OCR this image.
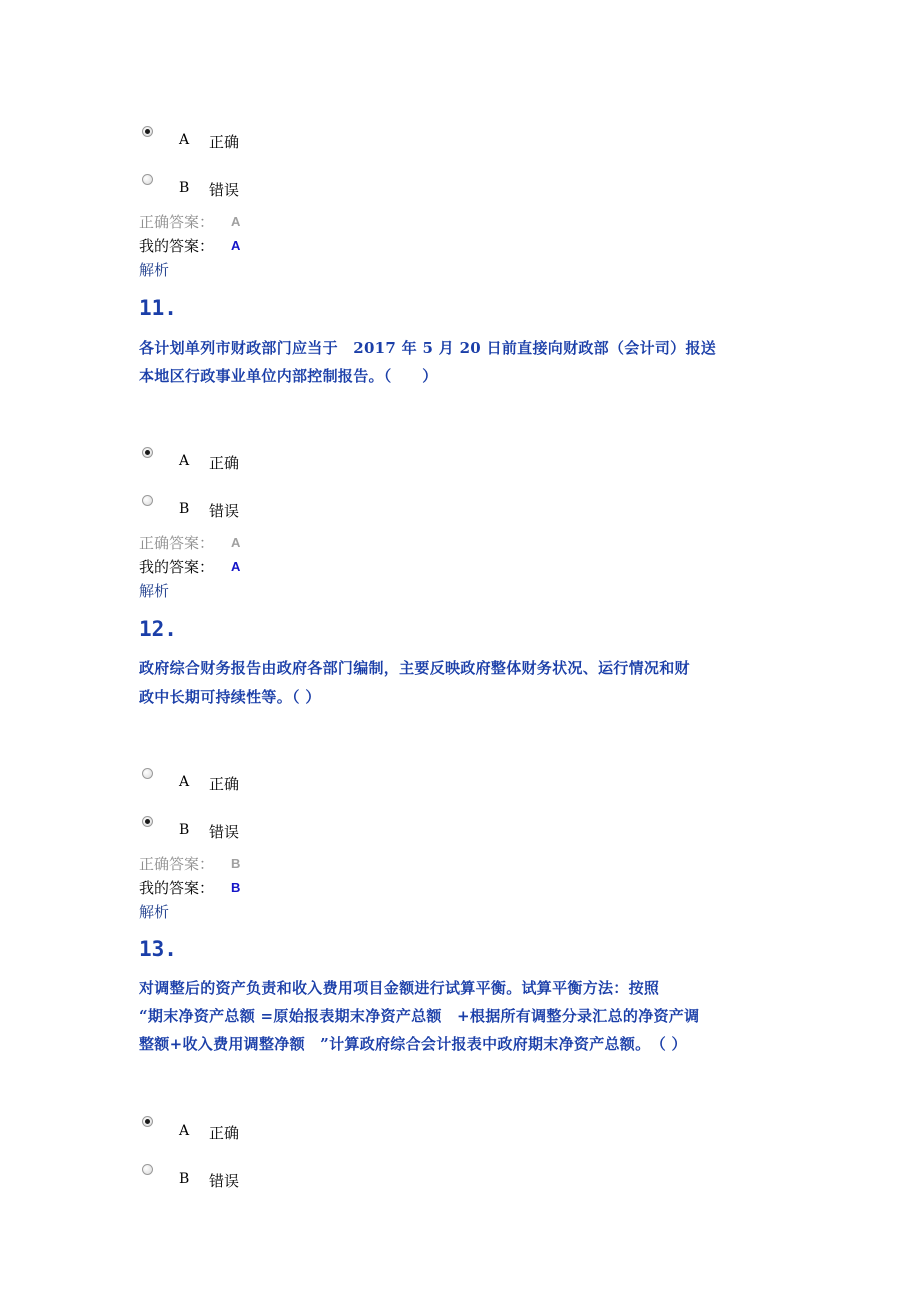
A 正确
B 错误
正确答案： A
我的答案： A
解析
11.
各计划单列市财政部门应当于　2017 年 5 月 20 日前直接向财政部（会计司）报送
本地区行政事业单位内部控制报告。（　　）
A 正确
B 错误
正确答案： A
我的答案： A
解析
12.
政府综合财务报告由政府各部门编制，主要反映政府整体财务状况、运行情况和财
政中长期可持续性等。（ ）
A 正确
B 错误
正确答案： B
我的答案： B
解析
13.
对调整后的资产负责和收入费用项目金额进行试算平衡。试算平衡方法：按照
“期末净资产总额 =原始报表期末净资产总额　+根据所有调整分录汇总的净资产调
整额+收入费用调整净额　”计算政府综合会计报表中政府期末净资产总额。　（ ）
A 正确
B 错误
